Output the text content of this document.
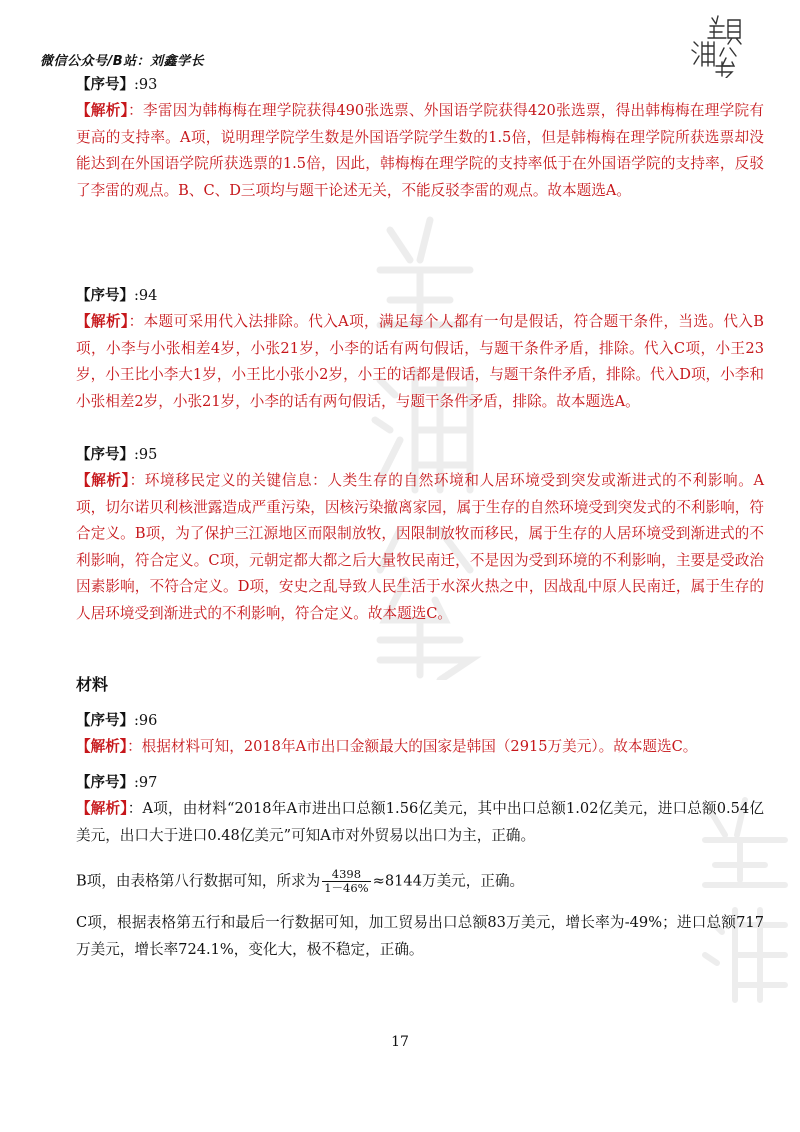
微信公众号/B站：刘鑫学长
【序号】:93
【解析】：李雷因为韩梅梅在理学院获得490张选票、外国语学院获得420张选票，得出韩梅梅在理学院有更高的支持率。A项，说明理学院学生数是外国语学院学生数的1.5倍，但是韩梅梅在理学院所获选票却没能达到在外国语学院所获选票的1.5倍，因此，韩梅梅在理学院的支持率低于在外国语学院的支持率，反驳了李雷的观点。B、C、D三项均与题干论述无关，不能反驳李雷的观点。故本题选A。
【序号】:94
【解析】：本题可采用代入法排除。代入A项，满足每个人都有一句是假话，符合题干条件，当选。代入B项，小李与小张相差4岁，小张21岁，小李的话有两句假话，与题干条件矛盾，排除。代入C项，小王23岁，小王比小李大1岁，小王比小张小2岁，小王的话都是假话，与题干条件矛盾，排除。代入D项，小李和小张相差2岁，小张21岁，小李的话有两句假话，与题干条件矛盾，排除。故本题选A。
【序号】:95
【解析】：环境移民定义的关键信息：人类生存的自然环境和人居环境受到突发或渐进式的不利影响。A项，切尔诺贝利核泄露造成严重污染，因核污染撤离家园，属于生存的自然环境受到突发式的不利影响，符合定义。B项，为了保护三江源地区而限制放牧，因限制放牧而移民，属于生存的人居环境受到渐进式的不利影响，符合定义。C项，元朝定都大都之后大量牧民南迁，不是因为受到环境的不利影响，主要是受政治因素影响，不符合定义。D项，安史之乱导致人民生活于水深火热之中，因战乱中原人民南迁，属于生存的人居环境受到渐进式的不利影响，符合定义。故本题选C。
材料
【序号】:96
【解析】：根据材料可知，2018年A市出口金额最大的国家是韩国（2915万美元）。故本题选C。
【序号】:97
【解析】：A项，由材料“2018年A市进出口总额1.56亿美元，其中出口总额1.02亿美元，进口总额0.54亿美元，出口大于进口0.48亿美元”可知A市对外贸易以出口为主，正确。
B项，由表格第八行数据可知，所求为 $\frac{4398}{1-46\%} \approx 8144$万美元，正确。
C项，根据表格第五行和最后一行数据可知，加工贸易出口总额83万美元，增长率为-49%；进口总额717万美元，增长率724.1%，变化大，极不稳定，正确。
17
